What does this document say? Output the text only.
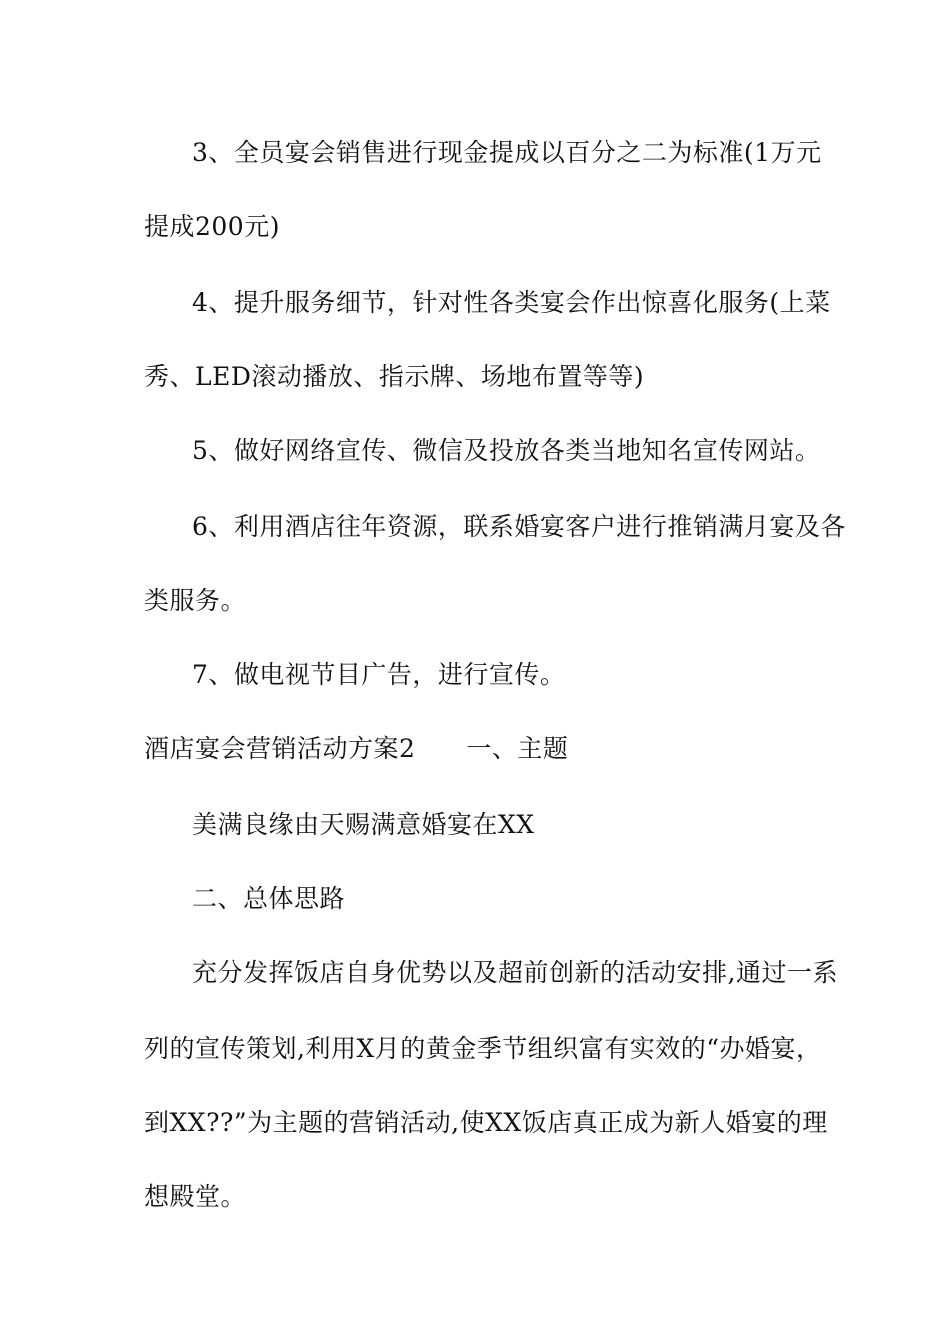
3、全员宴会销售进行现金提成以百分之二为标准(1万元
提成200元)
4、提升服务细节，针对性各类宴会作出惊喜化服务(上菜
秀、LED滚动播放、指示牌、场地布置等等)
5、做好网络宣传、微信及投放各类当地知名宣传网站。
6、利用酒店往年资源，联系婚宴客户进行推销满月宴及各
类服务。
7、做电视节目广告，进行宣传。
酒店宴会营销活动方案2　　一、主题
美满良缘由天赐满意婚宴在XX
二、总体思路
充分发挥饭店自身优势以及超前创新的活动安排,通过一系
列的宣传策划,利用X月的黄金季节组织富有实效的“办婚宴，
到XX??”为主题的营销活动,使XX饭店真正成为新人婚宴的理
想殿堂。
